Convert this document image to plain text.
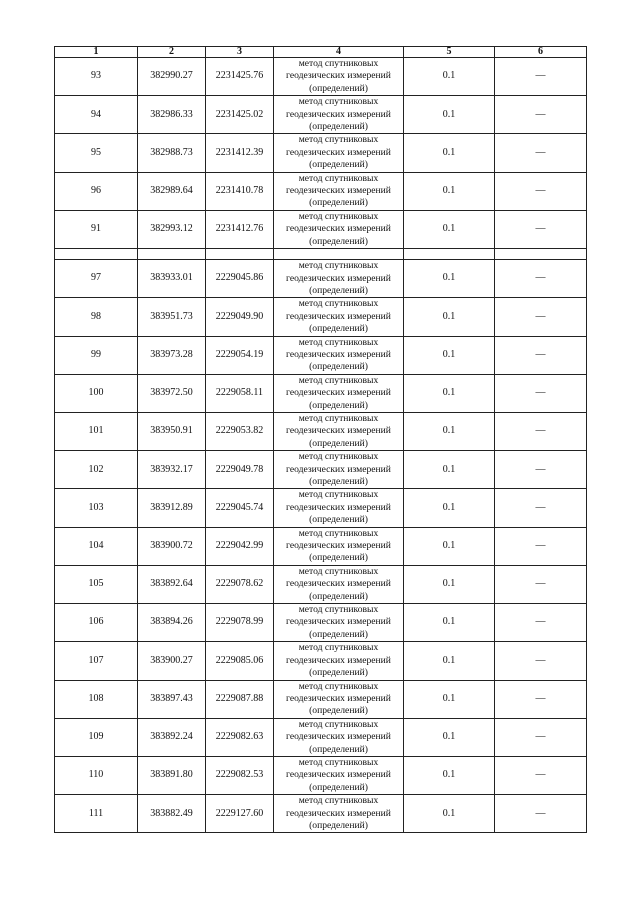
1	2	3	4	5	6
93	382990.27	2231425.76	метод спутниковых геодезических измерений (определений)	0.1	—
94	382986.33	2231425.02	метод спутниковых геодезических измерений (определений)	0.1	—
95	382988.73	2231412.39	метод спутниковых геодезических измерений (определений)	0.1	—
96	382989.64	2231410.78	метод спутниковых геодезических измерений (определений)	0.1	—
91	382993.12	2231412.76	метод спутниковых геодезических измерений (определений)	0.1	—

97	383933.01	2229045.86	метод спутниковых геодезических измерений (определений)	0.1	—
98	383951.73	2229049.90	метод спутниковых геодезических измерений (определений)	0.1	—
99	383973.28	2229054.19	метод спутниковых геодезических измерений (определений)	0.1	—
100	383972.50	2229058.11	метод спутниковых геодезических измерений (определений)	0.1	—
101	383950.91	2229053.82	метод спутниковых геодезических измерений (определений)	0.1	—
102	383932.17	2229049.78	метод спутниковых геодезических измерений (определений)	0.1	—
103	383912.89	2229045.74	метод спутниковых геодезических измерений (определений)	0.1	—
104	383900.72	2229042.99	метод спутниковых геодезических измерений (определений)	0.1	—
105	383892.64	2229078.62	метод спутниковых геодезических измерений (определений)	0.1	—
106	383894.26	2229078.99	метод спутниковых геодезических измерений (определений)	0.1	—
107	383900.27	2229085.06	метод спутниковых геодезических измерений (определений)	0.1	—
108	383897.43	2229087.88	метод спутниковых геодезических измерений (определений)	0.1	—
109	383892.24	2229082.63	метод спутниковых геодезических измерений (определений)	0.1	—
110	383891.80	2229082.53	метод спутниковых геодезических измерений (определений)	0.1	—
111	383882.49	2229127.60	метод спутниковых геодезических измерений (определений)	0.1	—
